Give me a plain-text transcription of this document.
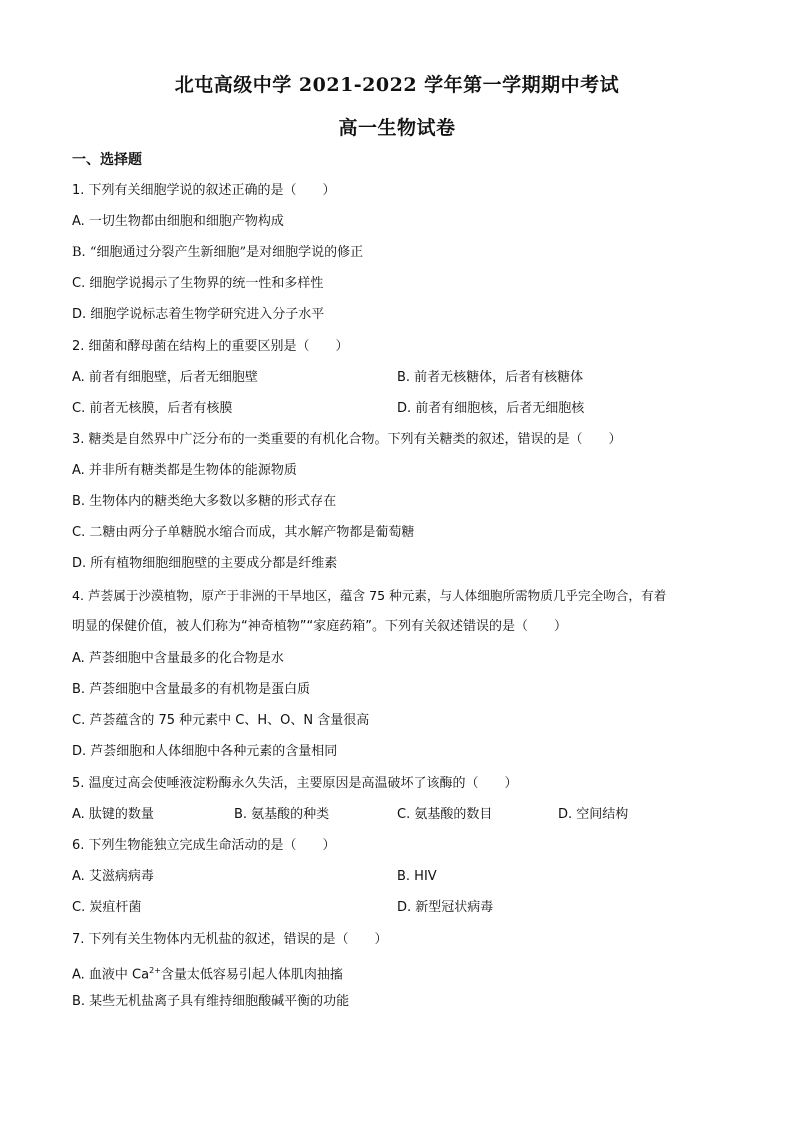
北屯高级中学 2021-2022 学年第一学期期中考试
高一生物试卷
一、选择题
1. 下列有关细胞学说的叙述正确的是（　　）
A. 一切生物都由细胞和细胞产物构成
B. “细胞通过分裂产生新细胞”是对细胞学说的修正
C. 细胞学说揭示了生物界的统一性和多样性
D. 细胞学说标志着生物学研究进入分子水平
2. 细菌和酵母菌在结构上的重要区别是（　　）
A. 前者有细胞壁，后者无细胞壁	B. 前者无核糖体，后者有核糖体
C. 前者无核膜，后者有核膜	D. 前者有细胞核，后者无细胞核
3. 糖类是自然界中广泛分布的一类重要的有机化合物。下列有关糖类的叙述，错误的是（　　）
A. 并非所有糖类都是生物体的能源物质
B. 生物体内的糖类绝大多数以多糖的形式存在
C. 二糖由两分子单糖脱水缩合而成，其水解产物都是葡萄糖
D. 所有植物细胞细胞壁的主要成分都是纤维素
4. 芦荟属于沙漠植物，原产于非洲的干旱地区，蕴含 75 种元素，与人体细胞所需物质几乎完全吻合，有着
明显的保健价值，被人们称为“神奇植物”“家庭药箱”。下列有关叙述错误的是（　　）
A. 芦荟细胞中含量最多的化合物是水
B. 芦荟细胞中含量最多的有机物是蛋白质
C. 芦荟蕴含的 75 种元素中 C、H、O、N 含量很高
D. 芦荟细胞和人体细胞中各种元素的含量相同
5. 温度过高会使唾液淀粉酶永久失活，主要原因是高温破坏了该酶的（　　）
A. 肽键的数量	B. 氨基酸的种类	C. 氨基酸的数目	D. 空间结构
6. 下列生物能独立完成生命活动的是（　　）
A. 艾滋病病毒	B. HIV
C. 炭疽杆菌	D. 新型冠状病毒
7. 下列有关生物体内无机盐的叙述，错误的是（　　）
A. 血液中 $Ca^{2+}$含量太低容易引起人体肌肉抽搐
B. 某些无机盐离子具有维持细胞酸碱平衡的功能
